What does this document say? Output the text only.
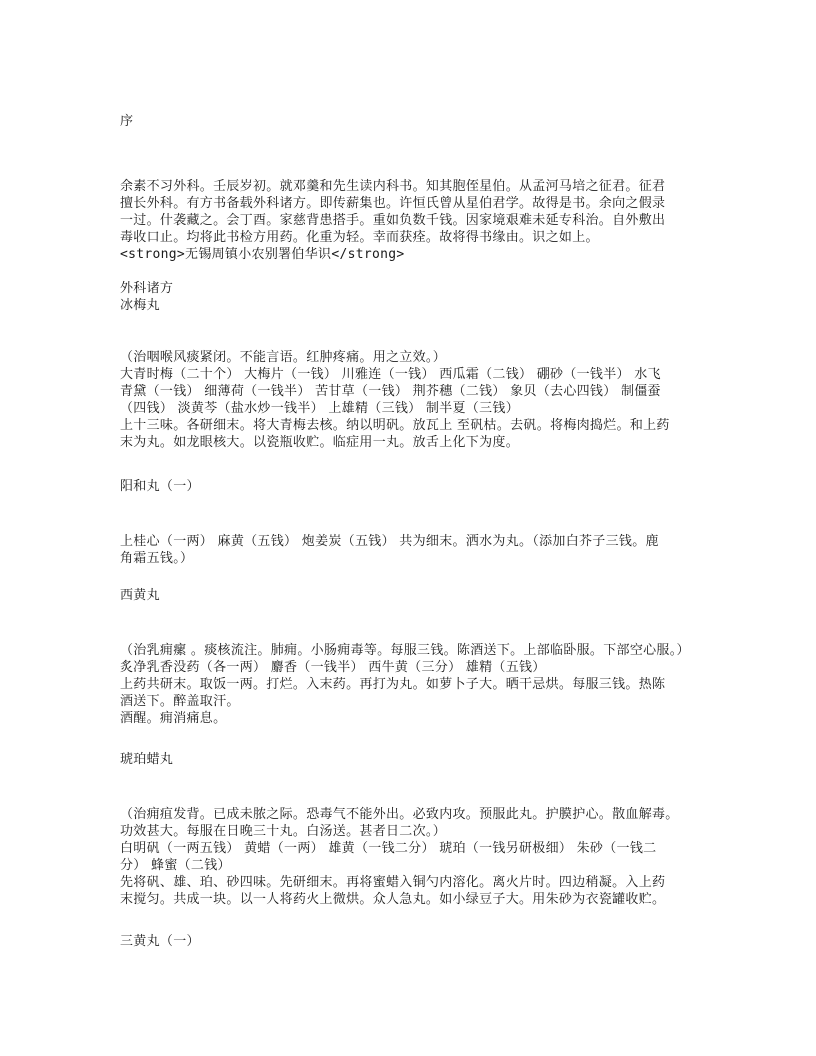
序
余素不习外科。壬辰岁初。就邓羹和先生读内科书。知其胞侄星伯。从孟河马培之征君。征君
擅长外科。有方书备载外科诸方。即传薪集也。许恒氏曾从星伯君学。故得是书。余向之假录
一过。什袭藏之。会丁酉。家慈背患搭手。重如负数千钱。因家境艰难未延专科治。自外敷出
毒收口止。均将此书检方用药。化重为轻。幸而获痊。故将得书缘由。识之如上。
<strong>无锡周镇小农别署伯华识</strong>
外科诸方
冰梅丸
（治咽喉风痰紧闭。不能言语。红肿疼痛。用之立效。）
大青时梅（二十个） 大梅片（一钱） 川雅连（一钱） 西瓜霜（二钱） 硼砂（一钱半） 水飞
青黛（一钱） 细薄荷（一钱半） 苦甘草（一钱） 荆芥穗（二钱） 象贝（去心四钱） 制僵蚕
（四钱） 淡黄芩（盐水炒一钱半） 上雄精（三钱） 制半夏（三钱）
上十三味。各研细末。将大青梅去核。纳以明矾。放瓦上 至矾枯。去矾。将梅肉捣烂。和上药
末为丸。如龙眼核大。以瓷瓶收贮。临症用一丸。放舌上化下为度。
阳和丸（一）
上桂心（一两） 麻黄（五钱） 炮姜炭（五钱） 共为细末。洒水为丸。（添加白芥子三钱。鹿
角霜五钱。）
西黄丸
（治乳痈瘰 。痰核流注。肺痈。小肠痈毒等。每服三钱。陈酒送下。上部临卧服。下部空心服。）
炙净乳香没药（各一两） 麝香（一钱半） 西牛黄（三分） 雄精（五钱）
上药共研末。取饭一两。打烂。入末药。再打为丸。如萝卜子大。晒干忌烘。每服三钱。热陈
酒送下。醉盖取汗。
酒醒。痈消痛息。
琥珀蜡丸
（治痈疽发背。已成未脓之际。恐毒气不能外出。必致内攻。预服此丸。护膜护心。散血解毒。
功效甚大。每服在日晚三十丸。白汤送。甚者日二次。）
白明矾（一两五钱） 黄蜡（一两） 雄黄（一钱二分） 琥珀（一钱另研极细） 朱砂（一钱二
分） 蜂蜜（二钱）
先将矾、雄、珀、砂四味。先研细末。再将蜜蜡入铜勺内溶化。离火片时。四边稍凝。入上药
末搅匀。共成一块。以一人将药火上微烘。众人急丸。如小绿豆子大。用朱砂为衣瓷罐收贮。
三黄丸（一）
